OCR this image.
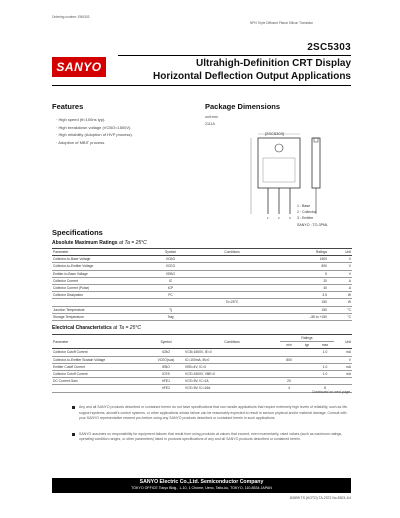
Ordering number: EN5303
NPN Triple Diffused Planar Silicon Transistor
SANYO
2SC5303
Ultrahigh-Definition CRT Display
Horizontal Deflection Output Applications
Features
· High speed (tf=100ns typ).
· High breakdown voltage (VCBO=1500V).
· High reliability (Adoption of HVP process).
· Adoption of MBIT process.
Package Dimensions
unit:mm
2111A
[2SC5303]
1	2	3
1 : Base
2 : Collector
3 : Emitter
SANYO : TO-3PML
Specifications
Absolute Maximum Ratings at Ta = 25°C
Parameter	Symbol	Conditions	Ratings	Unit
Collector-to-Base Voltage	VCBO		1500	V
Collector-to-Emitter Voltage	VCEO		800	V
Emitter-to-Base Voltage	VEBO		5	V
Collector Current	IC		20	A
Collector Current (Pulse)	ICP		40	A
Collector Dissipation	PC		3.5	W
		Tc=25°C	150	W
Junction Temperature	Tj		150	°C
Storage Temperature	Tstg		–55 to +150	°C
Electrical Characteristics at Ta = 25°C
Parameter	Symbol	Conditions	Ratings			Unit
			min	typ	max	
Collector Cutoff Current	ICBO	VCB=1500V, IE=0			1.0	mA
Collector-to-Emitter Sustain Voltage	VCEO(sus)	IC=100mA, IB=0	800			V
Emitter Cutoff Current	IEBO	VEB=4V, IC=0			1.0	mA
Collector Cutoff Current	ICES	VCE=1500V, VBE=0			1.0	mA
DC Current Gain	hFE1	VCE=5V, IC=1A	20			
	hFE2	VCE=5V, IC=16A	4		8	
Continued on next page.
Any and all SANYO products described or contained herein do not have specifications that can handle applications that require extremely high levels of reliability, such as life-support systems, aircraft's control systems, or other applications whose failure can be reasonably expected to result in serious physical and/or material damage. Consult with your SANYO representative nearest you before using any SANYO products described or contained herein in such applications.
SANYO assumes no responsibility for equipment failures that result from using products at values that exceed, even momentarily, rated values (such as maximum ratings, operating condition ranges, or other parameters) listed in products specifications of any and all SANYO products described or contained herein.
SANYO Electric Co.,Ltd. Semiconductor Company
TOKYO OFFICE Tokyo Bldg., 1-10, 1 Chome, Ueno, Taito-ku, TOKYO, 110-8534 JAPAN
D0899 TS (KOTO) TA-2372 No.5303-1/4
